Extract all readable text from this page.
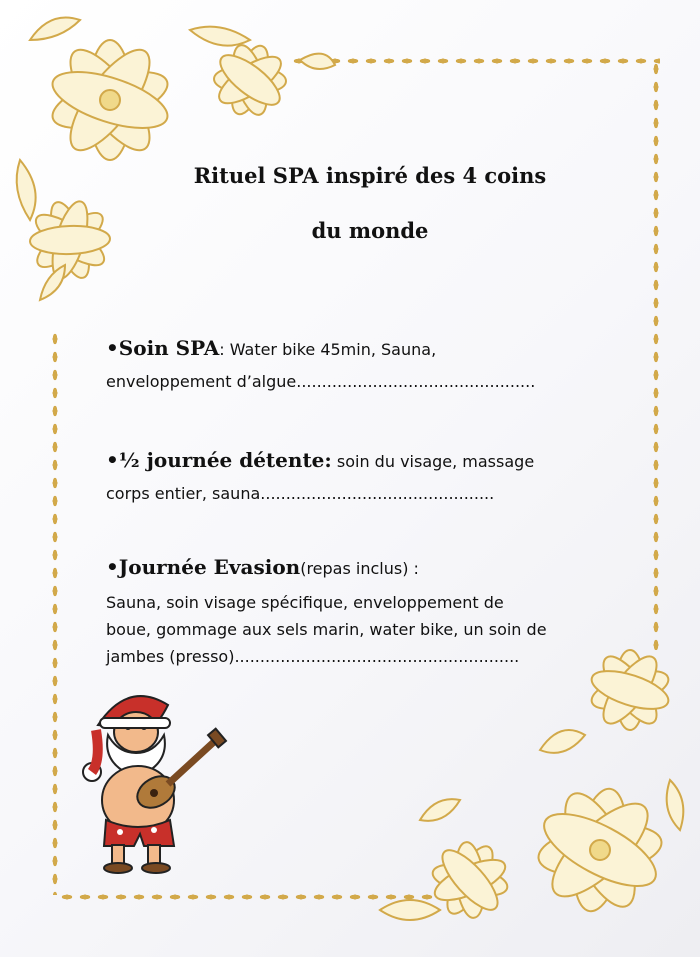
Rituel SPA inspiré des 4 coins
du monde
•Soin SPA: Water bike 45min, Sauna,
enveloppement d’algue...............................................
•½ journée détente: soin du visage, massage
corps entier, sauna..............................................
•Journée Evasion(repas inclus) :
Sauna, soin visage spécifique, enveloppement de
boue, gommage aux sels marin, water bike, un soin de
jambes (presso)........................................................
